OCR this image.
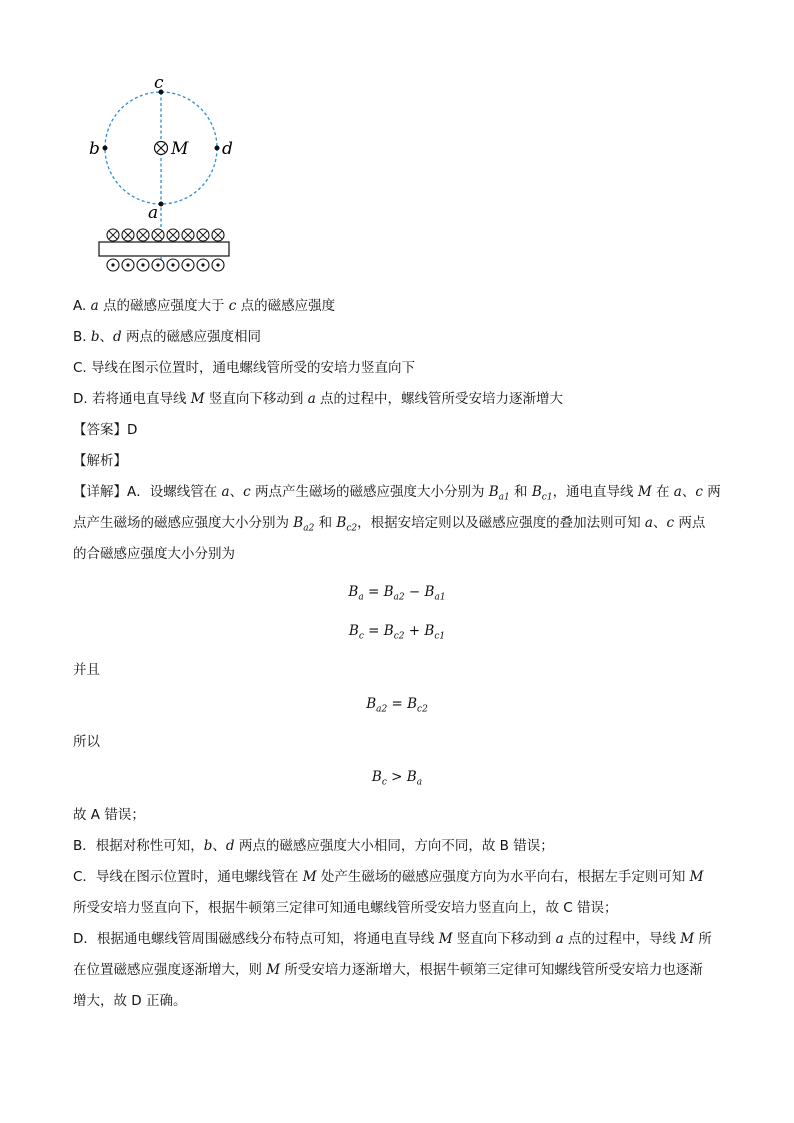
c
b	d
a
M
A. a 点的磁感应强度大于 c 点的磁感应强度
B. b、d 两点的磁感应强度相同
C. 导线在图示位置时，通电螺线管所受的安培力竖直向下
D. 若将通电直导线 M 竖直向下移动到 a 点的过程中，螺线管所受安培力逐渐增大
【答案】D
【解析】
【详解】A．设螺线管在 a、c 两点产生磁场的磁感应强度大小分别为 $B_{a1}$ 和 $B_{c1}$，通电直导线 M 在 a、c 两
点产生磁场的磁感应强度大小分别为 $B_{a2}$ 和 $B_{c2}$，根据安培定则以及磁感应强度的叠加法则可知 a、c 两点
的合磁感应强度大小分别为
$B_a = B_{a2} - B_{a1}$
$B_c = B_{c2} + B_{c1}$
并且
$B_{a2} = B_{c2}$
所以
$B_c > B_a$
故 A 错误；
B．根据对称性可知，b、d 两点的磁感应强度大小相同，方向不同，故 B 错误；
C．导线在图示位置时，通电螺线管在 M 处产生磁场的磁感应强度方向为水平向右，根据左手定则可知 M
所受安培力竖直向下，根据牛顿第三定律可知通电螺线管所受安培力竖直向上，故 C 错误；
D．根据通电螺线管周围磁感线分布特点可知，将通电直导线 M 竖直向下移动到 a 点的过程中，导线 M 所
在位置磁感应强度逐渐增大，则 M 所受安培力逐渐增大，根据牛顿第三定律可知螺线管所受安培力也逐渐
增大，故 D 正确。
